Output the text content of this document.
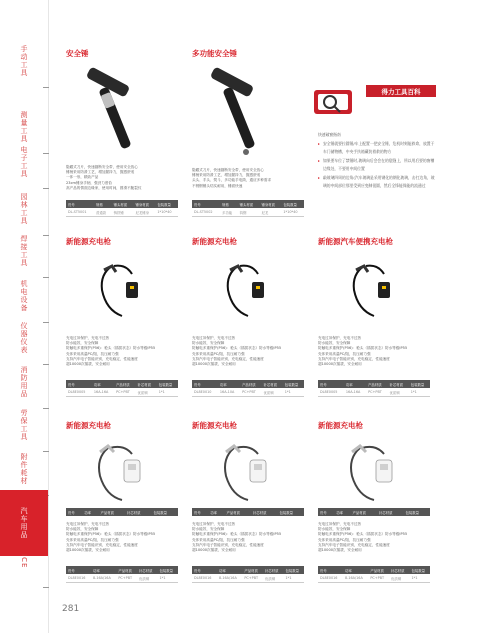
手动工具
测量工具
电子工具
园林工具
焊接工具
机电设备
仪器仪表
消防用品
劳保工具
附件耗材
汽车用品
ICE
安全锤
隐藏式刀片，快速割断安全带，使用安全放心
锤柄采用防滑工艺，增加握持力，握感舒适
一体一形，精致产品
23cm锤身手柄，强劲力度恰
高产品的情面边缘家，使用时间，圆滑不脆裂纹
货号	规格	锤头材质	锤身材质	包装数量
DL-ST5001	普通款	铸铁锤	尼龙锤身	1*10*40
多功能安全锤
隐藏式刀片，快速割断安全带，使用安全放心
锤柄采用防滑工艺，增加握持力，握感舒适
头头、手头、熨斗，多功能手电筒，通应多种需求
不锈钢锤头结实耐用，锤面快速
货号	规格	锤头材质	锤身材质	包装数量
DL-ST5002	多功能	钨钢	尼龙	1*10*40
得力工具百科
快速破窗指南
▸ 安全锤就要拉圆锤/车上配置一把安全锤，危机时刻能救命，放置于车门储物槽，中央手扶箱藏装着救的物方
▸ 如果要车位了禁锤时,玻璃向后会会在的裂缝上，所以用后要的窗槽边缘处，不要用中间位置
▸ 敲玻璃四周的边角(汽车玻璃是采用钢化的钢化玻璃，击打边角，玻璃的中间部位那里受到应变制很圆，然后全锋能保能的流通过
新能源充电枪
充电过冲保护，充电不过热
防水能效，安全保障
防触电多重保护(P56)：枪头（插拔状态）防水等级IP55
壳体采用高温PC/阻，抗压耐力强
支持汽车电子智能识别，充电稳定，性能速度
超10000次插拔，安全耐用
货号	功率	产品材质	针芯材质	包装数量
DL8E0005	16A-16A	PC+PBT	优质铜	1*1
新能源充电枪
充电过冲保护，充电不过热
防水能效，安全保障
防触电多重保护(P56)：枪头（插拔状态）防水等级IP55
壳体采用高温PC/阻，抗压耐力强
支持汽车电子智能识别，充电稳定，性能速度
超10000次插拔，安全耐用
货号	功率	产品材质	针芯材质	包装数量
DL8E0010	16A-10A	PC+PBT	优质铜	1*1
新能源汽车便携充电枪
充电过冲保护，充电不过热
防水能效，安全保障
防触电多重保护(P56)：枪头（插拔状态）防水等级IP55
壳体采用高温PC/阻，抗压耐力强
支持汽车电子智能识别，充电稳定，性能速度
超10000次插拔，安全耐用
货号	功率	产品材质	针芯材质	包装数量
DL8E0005	16A-16A	PC+PBT	优质铜	1*1
新能源充电枪
货号	功率	产品材质	针芯材质	包装数量
充电过冲保护，充电不过热
防水能效，安全保障
防触电多重保护(P56)：枪头（插拔状态）防水等级IP55
壳体采用高温PC/阻，抗压耐力强
支持汽车电子智能识别，充电稳定，性能速度
超10000次插拔，安全耐用
货号	功率	产品材质	针芯材质	包装数量
DL8E0016	8-16A/16A	PC+PBT	优质铜	1*1
新能源充电枪
货号	功率	产品材质	针芯材质	包装数量
充电过冲保护，充电不过热
防水能效，安全保障
防触电多重保护(P56)：枪头（插拔状态）防水等级IP55
壳体采用高温PC/阻，抗压耐力强
支持汽车电子智能识别，充电稳定，性能速度
超10000次插拔，安全耐用
货号	功率	产品材质	针芯材质	包装数量
DL8E0016	8-16A/16A	PC+PBT	优质铜	1*1
新能源充电枪
货号	功率	产品材质	针芯材质	包装数量
充电过冲保护，充电不过热
防水能效，安全保障
防触电多重保护(P56)：枪头（插拔状态）防水等级IP55
壳体采用高温PC/阻，抗压耐力强
支持汽车电子智能识别，充电稳定，性能速度
超10000次插拔，安全耐用
货号	功率	产品材质	针芯材质	包装数量
DL8E0016	8-16A/16A	PC+PBT	优质铜	1*1
281
